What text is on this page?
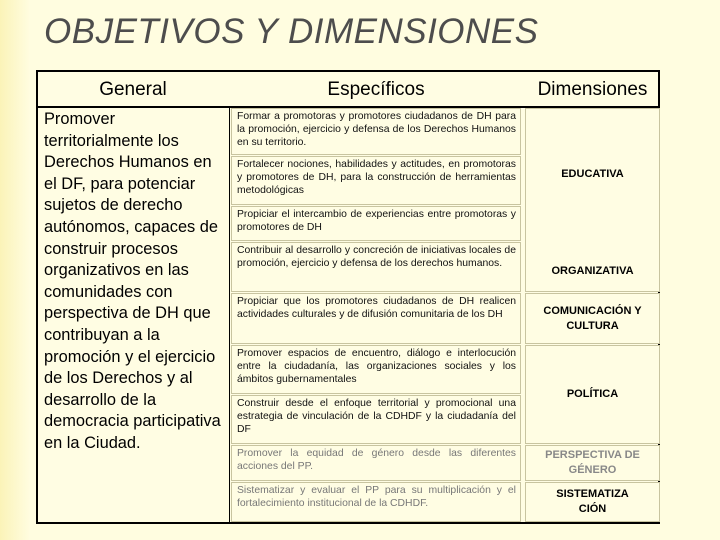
OBJETIVOS Y DIMENSIONES
General	Específicos	Dimensiones

Promover territorialmente los Derechos Humanos en el DF, para potenciar sujetos de derecho autónomos, capaces de construir procesos organizativos en las comunidades con perspectiva de DH que contribuyan a la promoción y el ejercicio de los Derechos y al desarrollo de la democracia participativa en la Ciudad.

Formar a promotoras y promotores ciudadanos de DH para la promoción, ejercicio y defensa de los Derechos Humanos en su territorio.
Fortalecer nociones, habilidades y actitudes, en promotoras y promotores de DH, para la construcción de herramientas metodológicas
Propiciar el intercambio de experiencias entre promotoras y promotores de DH
Contribuir al desarrollo y concreción de iniciativas locales de promoción, ejercicio y defensa de los derechos humanos.
Propiciar que los promotores ciudadanos de DH realicen actividades culturales y de difusión comunitaria de los DH
Promover espacios de encuentro, diálogo e interlocución entre la ciudadanía, las organizaciones sociales y los ámbitos gubernamentales
Construir desde el enfoque territorial y promocional una estrategia de vinculación de la CDHDF y la ciudadanía del DF
Promover la equidad de género desde las diferentes acciones del PP.
Sistematizar y evaluar el PP para su multiplicación y el fortalecimiento institucional de la CDHDF.
EDUCATIVA
ORGANIZATIVA
COMUNICACIÓN Y CULTURA
POLÍTICA
PERSPECTIVA DE GÉNERO
SISTEMATIZA CIÓN
